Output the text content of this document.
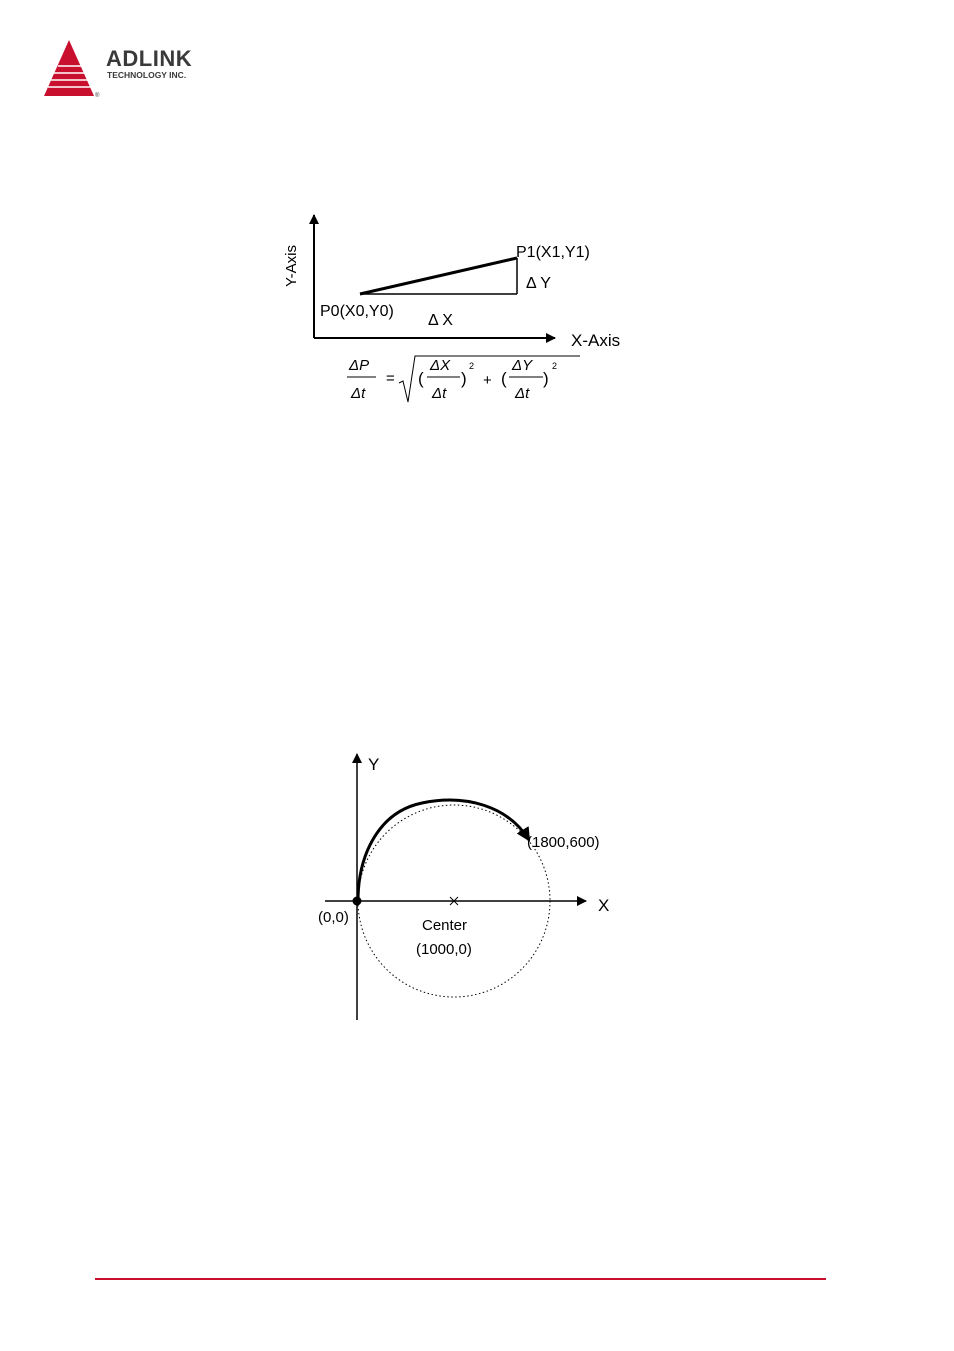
ADLINK
TECHNOLOGY INC.
®
Y-Axis
X-Axis
P0(X0,Y0)
P1(X1,Y1)
Δ X
Δ Y
ΔP
Δt
= (
ΔX
Δt
)
2
+ (
ΔY
Δt
)
2
Y
X
(0,0)
(1800,600)
Center
(1000,0)
